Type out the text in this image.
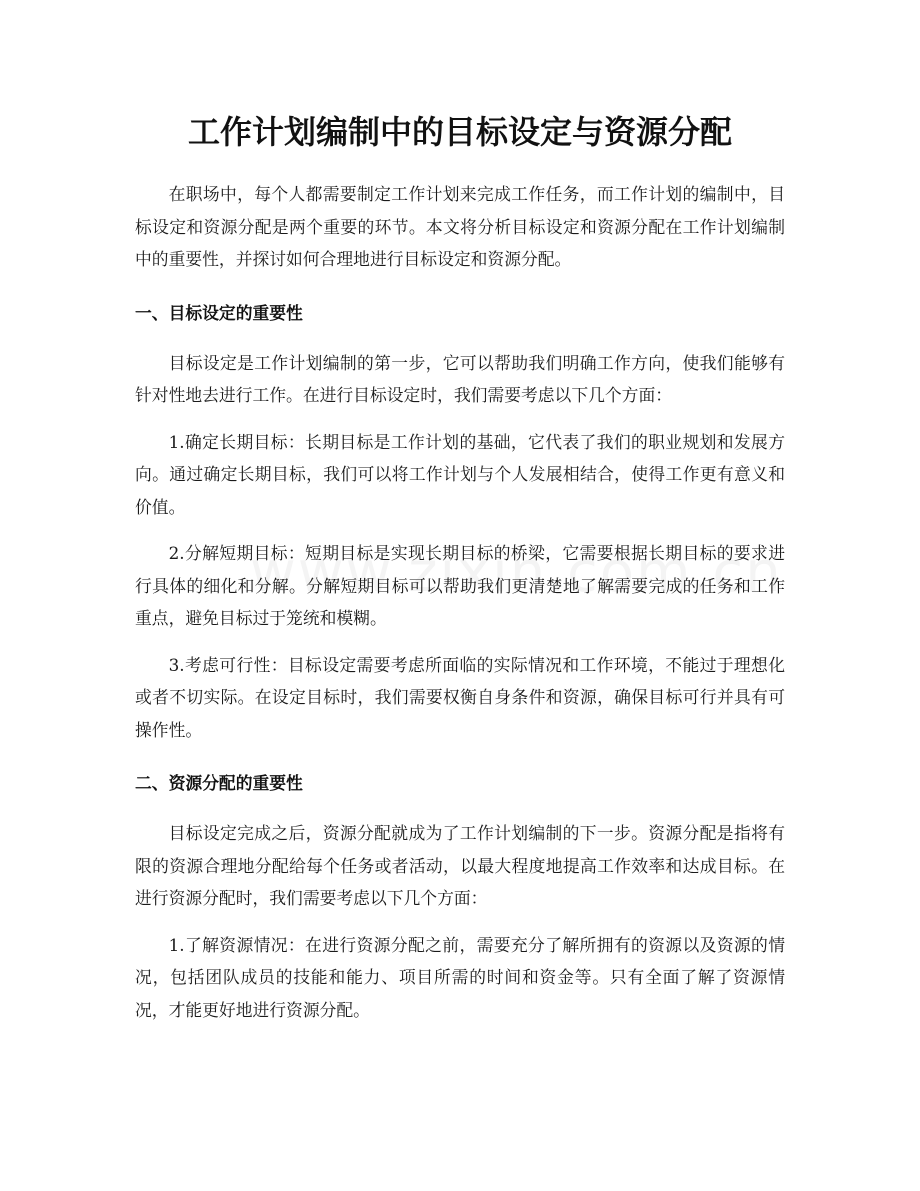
工作计划编制中的目标设定与资源分配

在职场中，每个人都需要制定工作计划来完成工作任务，而工作计划的编制中，目标设定和资源分配是两个重要的环节。本文将分析目标设定和资源分配在工作计划编制中的重要性，并探讨如何合理地进行目标设定和资源分配。

一、目标设定的重要性

目标设定是工作计划编制的第一步，它可以帮助我们明确工作方向，使我们能够有针对性地去进行工作。在进行目标设定时，我们需要考虑以下几个方面：

1.确定长期目标：长期目标是工作计划的基础，它代表了我们的职业规划和发展方向。通过确定长期目标，我们可以将工作计划与个人发展相结合，使得工作更有意义和价值。

2.分解短期目标：短期目标是实现长期目标的桥梁，它需要根据长期目标的要求进行具体的细化和分解。分解短期目标可以帮助我们更清楚地了解需要完成的任务和工作重点，避免目标过于笼统和模糊。

3.考虑可行性：目标设定需要考虑所面临的实际情况和工作环境，不能过于理想化或者不切实际。在设定目标时，我们需要权衡自身条件和资源，确保目标可行并具有可操作性。

二、资源分配的重要性

目标设定完成之后，资源分配就成为了工作计划编制的下一步。资源分配是指将有限的资源合理地分配给每个任务或者活动，以最大程度地提高工作效率和达成目标。在进行资源分配时，我们需要考虑以下几个方面：

1.了解资源情况：在进行资源分配之前，需要充分了解所拥有的资源以及资源的情况，包括团队成员的技能和能力、项目所需的时间和资金等。只有全面了解了资源情况，才能更好地进行资源分配。
